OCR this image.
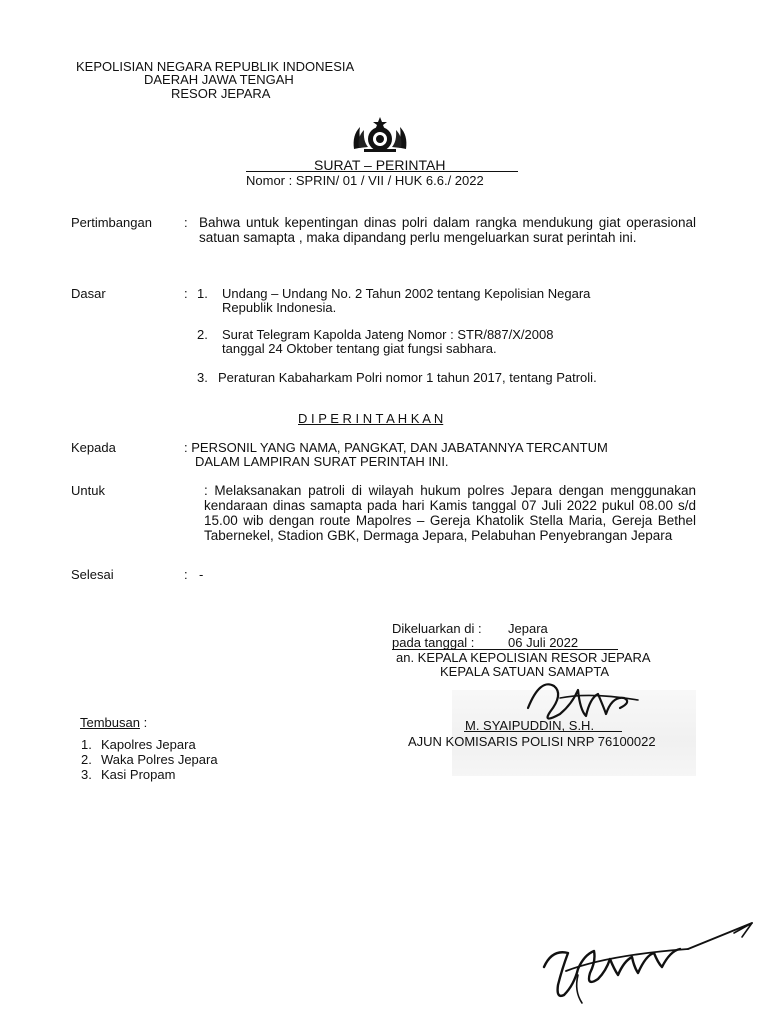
KEPOLISIAN NEGARA REPUBLIK INDONESIA
DAERAH JAWA TENGAH
RESOR JEPARA
SURAT – PERINTAH
Nomor : SPRIN/ 01 / VII / HUK 6.6./ 2022
Pertimbangan : Bahwa untuk kepentingan dinas polri dalam rangka mendukung giat operasional satuan samapta , maka dipandang perlu mengeluarkan surat perintah ini.
Dasar	: 1. Undang – Undang No. 2 Tahun 2002 tentang Kepolisian Negara
Republik Indonesia.
2. Surat Telegram Kapolda Jateng Nomor : STR/887/X/2008
tanggal 24 Oktober tentang giat fungsi sabhara.
3. Peraturan Kabaharkam Polri nomor 1 tahun 2017, tentang Patroli.
D I P E R I N T A H K A N
Kepada	: PERSONIL YANG NAMA, PANGKAT, DAN JABATANNYA TERCANTUM
DALAM LAMPIRAN SURAT PERINTAH INI.
Untuk	: Melaksanakan patroli di wilayah hukum polres Jepara dengan menggunakan kendaraan dinas samapta pada hari Kamis tanggal 07 Juli 2022 pukul 08.00 s/d 15.00 wib dengan route Mapolres – Gereja Khatolik Stella Maria, Gereja Bethel Tabernekel, Stadion GBK, Dermaga Jepara, Pelabuhan Penyebrangan Jepara
Selesai	: -
Dikeluarkan di : Jepara
pada tanggal :	06 Juli 2022
an. KEPALA KEPOLISIAN RESOR JEPARA
KEPALA SATUAN SAMAPTA
M. SYAIPUDDIN, S.H.
AJUN KOMISARIS POLISI NRP 76100022
Tembusan :
1. Kapolres Jepara
2. Waka Polres Jepara
3. Kasi Propam
